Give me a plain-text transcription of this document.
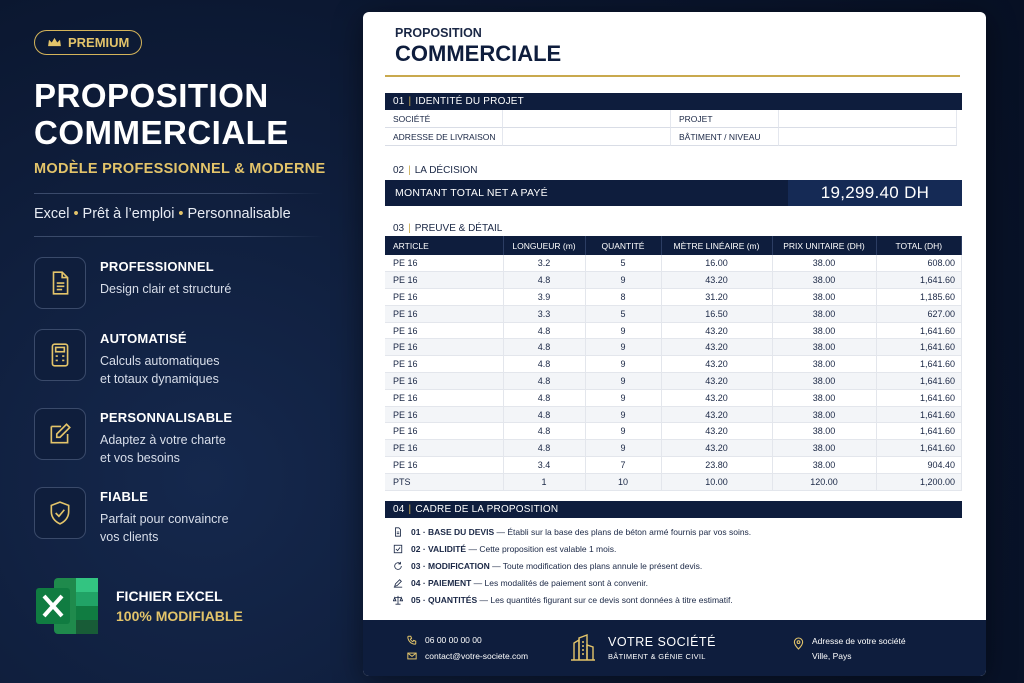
PREMIUM
PROPOSITION
COMMERCIALE
MODÈLE PROFESSIONNEL & MODERNE
Excel • Prêt à l’emploi • Personnalisable
PROFESSIONNEL
Design clair et structuré
AUTOMATISÉ
Calculs automatiques
et totaux dynamiques
PERSONNALISABLE
Adaptez à votre charte
et vos besoins
FIABLE
Parfait pour convaincre
vos clients
FICHIER EXCEL
100% MODIFIABLE
PROPOSITION
COMMERCIALE
01 | IDENTITÉ DU PROJET
SOCIÉTÉ	PROJET
ADRESSE DE LIVRAISON	BÂTIMENT / NIVEAU
02 | LA DÉCISION
MONTANT TOTAL NET A PAYÉ	19,299.40 DH
03 | PREUVE & DÉTAIL
ARTICLE	LONGUEUR (m)	QUANTITÉ	MÈTRE LINÉAIRE (m)	PRIX UNITAIRE (DH)	TOTAL (DH)
PE 16	3.2	5	16.00	38.00	608.00
PE 16	4.8	9	43.20	38.00	1,641.60
PE 16	3.9	8	31.20	38.00	1,185.60
PE 16	3.3	5	16.50	38.00	627.00
PE 16	4.8	9	43.20	38.00	1,641.60
PE 16	4.8	9	43.20	38.00	1,641.60
PE 16	4.8	9	43.20	38.00	1,641.60
PE 16	4.8	9	43.20	38.00	1,641.60
PE 16	4.8	9	43.20	38.00	1,641.60
PE 16	4.8	9	43.20	38.00	1,641.60
PE 16	4.8	9	43.20	38.00	1,641.60
PE 16	4.8	9	43.20	38.00	1,641.60
PE 16	3.4	7	23.80	38.00	904.40
PTS	1	10	10.00	120.00	1,200.00
04 | CADRE DE LA PROPOSITION
01 · BASE DU DEVIS — Établi sur la base des plans de béton armé fournis par vos soins.
02 · VALIDITÉ — Cette proposition est valable 1 mois.
03 · MODIFICATION — Toute modification des plans annule le présent devis.
04 · PAIEMENT — Les modalités de paiement sont à convenir.
05 · QUANTITÉS — Les quantités figurant sur ce devis sont données à titre estimatif.
06 00 00 00 00
contact@votre-societe.com
VOTRE SOCIÉTÉ
BÂTIMENT & GÉNIE CIVIL
Adresse de votre société
Ville, Pays
